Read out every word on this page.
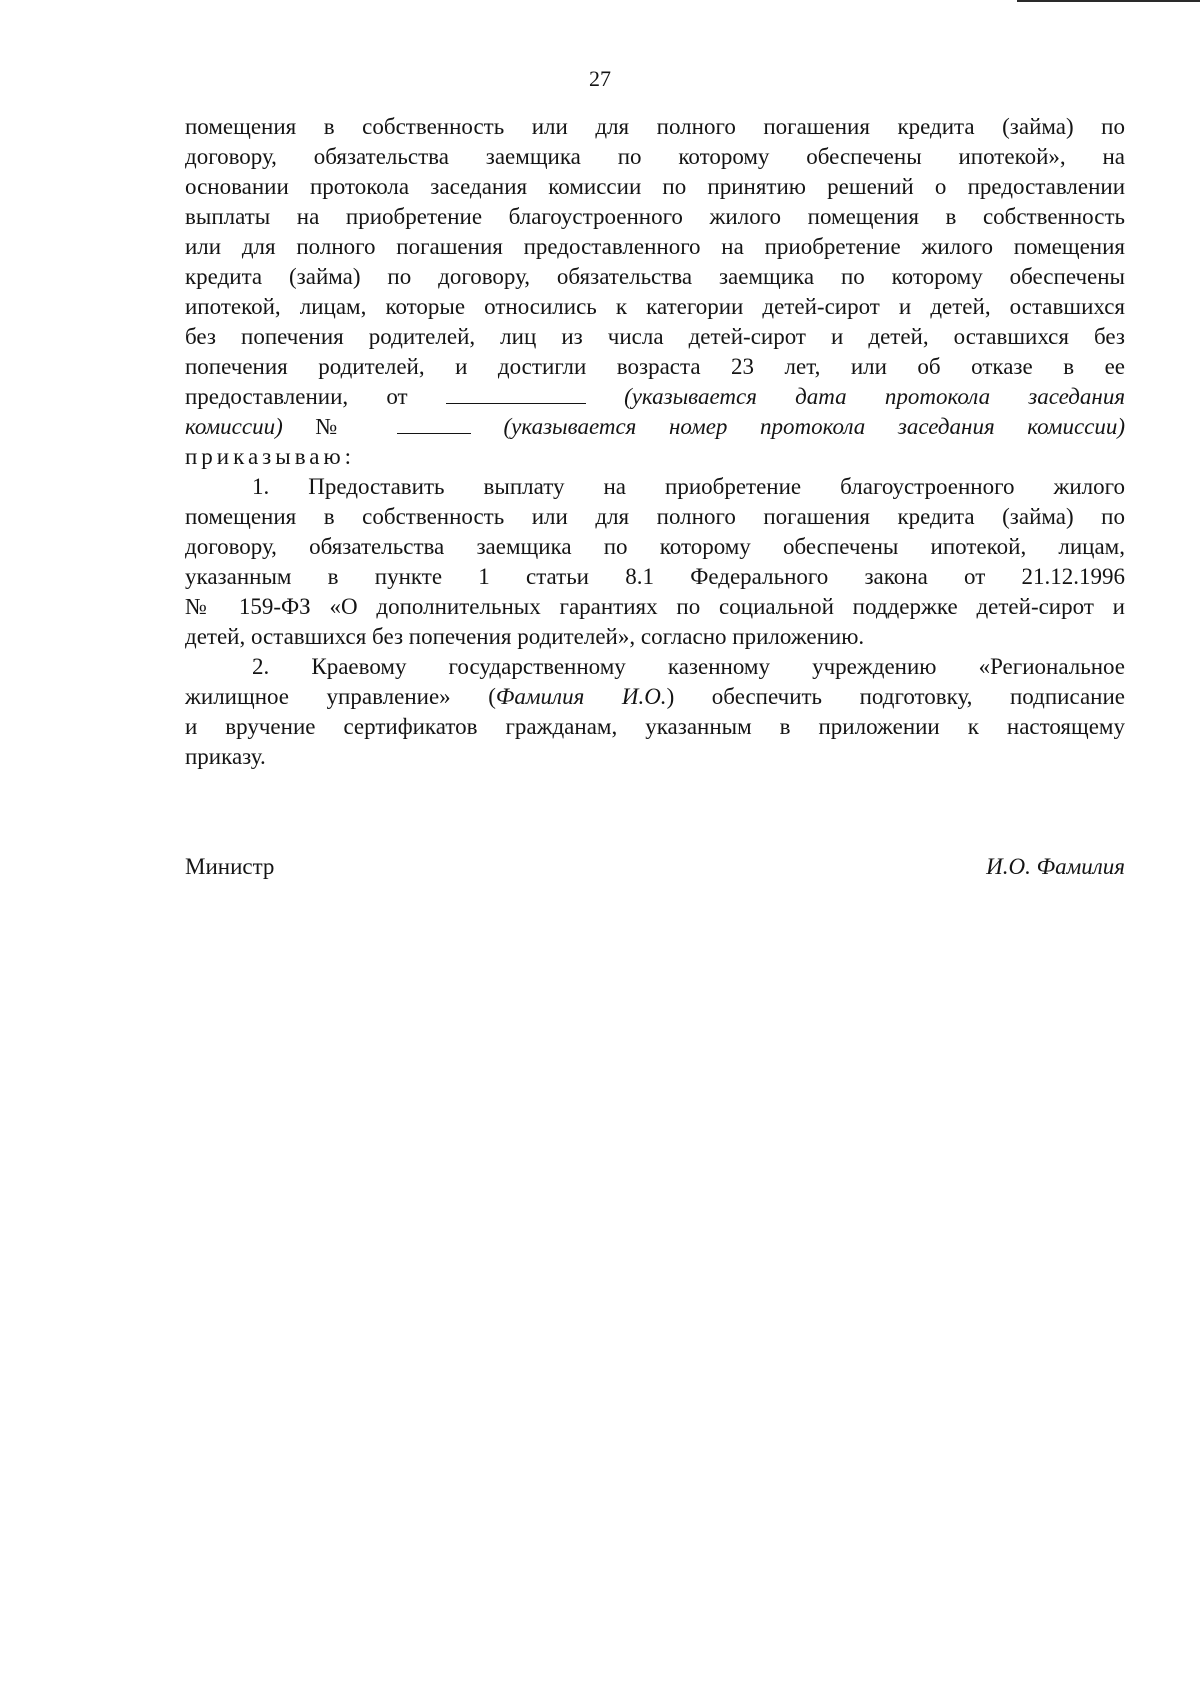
27
помещения в собственность или для полного погашения кредита (займа) по
договору, обязательства заемщика по которому обеспечены ипотекой», на
основании протокола заседания комиссии по принятию решений о предоставлении
выплаты на приобретение благоустроенного жилого помещения в собственность
или для полного погашения предоставленного на приобретение жилого помещения
кредита (займа) по договору, обязательства заемщика по которому обеспечены
ипотекой, лицам, которые относились к категории детей-сирот и детей, оставшихся
без попечения родителей, лиц из числа детей-сирот и детей, оставшихся без
попечения родителей, и достигли возраста 23 лет, или об отказе в ее
предоставлении, от	(указывается дата протокола заседания
комиссии) №	(указывается номер протокола заседания комиссии)
приказываю:
1. Предоставить выплату на приобретение благоустроенного жилого
помещения в собственность или для полного погашения кредита (займа) по
договору, обязательства заемщика по которому обеспечены ипотекой, лицам,
указанным в пункте 1 статьи 8.1 Федерального закона от 21.12.1996
№ 159-ФЗ «О дополнительных гарантиях по социальной поддержке детей-сирот и
детей, оставшихся без попечения родителей», согласно приложению.
2. Краевому государственному казенному учреждению «Региональное
жилищное управление» (Фамилия И.О.) обеспечить подготовку, подписание
и вручение сертификатов гражданам, указанным в приложении к настоящему
приказу.
Министр	И.О. Фамилия
